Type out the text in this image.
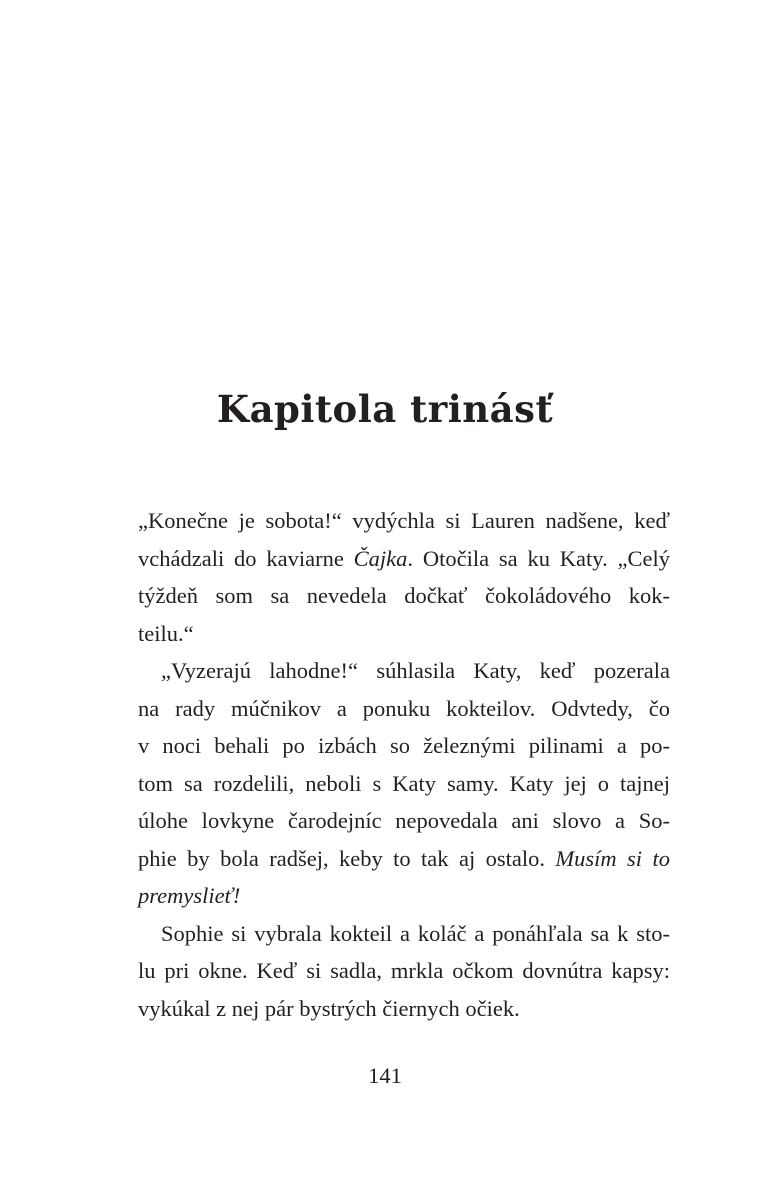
Kapitola trinásť
„Konečne je sobota!“ vydýchla si Lauren nadšene, keď
vchádzali do kaviarne Čajka. Otočila sa ku Katy. „Celý
týždeň som sa nevedela dočkať čokoládového kok-
teilu.“
„Vyzerajú lahodne!“ súhlasila Katy, keď pozerala
na rady múčnikov a ponuku kokteilov. Odvtedy, čo
v noci behali po izbách so železnými pilinami a po-
tom sa rozdelili, neboli s Katy samy. Katy jej o tajnej
úlohe lovkyne čarodejníc nepovedala ani slovo a So-
phie by bola radšej, keby to tak aj ostalo. Musím si to
premyslieť!
Sophie si vybrala kokteil a koláč a ponáhľala sa k sto-
lu pri okne. Keď si sadla, mrkla očkom dovnútra kapsy:
vykúkal z nej pár bystrých čiernych očiek.
141
